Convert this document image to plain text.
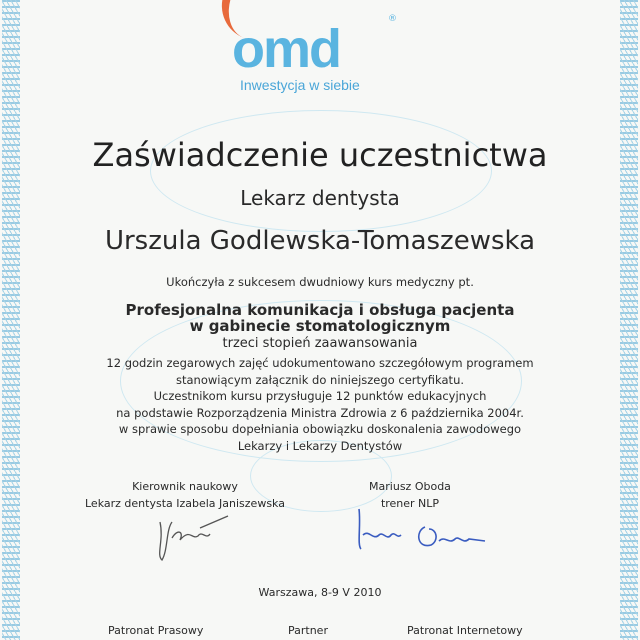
omd	®
Inwestycja w siebie
Zaświadczenie uczestnictwa
Lekarz dentysta
Urszula Godlewska-Tomaszewska
Ukończyła z sukcesem dwudniowy kurs medyczny pt.
Profesjonalna komunikacja i obsługa pacjenta
w gabinecie stomatologicznym
trzeci stopień zaawansowania
12 godzin zegarowych zajęć udokumentowano szczegółowym programem
stanowiącym załącznik do niniejszego certyfikatu.
Uczestnikom kursu przysługuje 12 punktów edukacyjnych
na podstawie Rozporządzenia Ministra Zdrowia z 6 października 2004r.
w sprawie sposobu dopełniania obowiązku doskonalenia zawodowego
Lekarzy i Lekarzy Dentystów
Kierownik naukowy
Lekarz dentysta Izabela Janiszewska
Mariusz Oboda
trener NLP
Warszawa, 8-9 V 2010
Patronat Prasowy	Partner	Patronat Internetowy
